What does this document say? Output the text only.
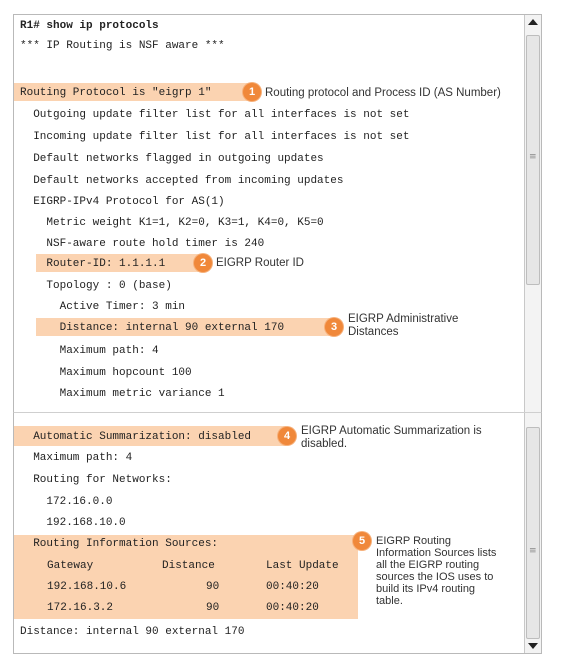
R1# show ip protocols
*** IP Routing is NSF aware ***
Routing Protocol is "eigrp 1"
Outgoing update filter list for all interfaces is not set
Incoming update filter list for all interfaces is not set
Default networks flagged in outgoing updates
Default networks accepted from incoming updates
EIGRP-IPv4 Protocol for AS(1)
Metric weight K1=1, K2=0, K3=1, K4=0, K5=0
NSF-aware route hold timer is 240
Router-ID: 1.1.1.1
Topology : 0 (base)
Active Timer: 3 min
Distance: internal 90 external 170
Maximum path: 4
Maximum hopcount 100
Maximum metric variance 1
1 Routing protocol and Process ID (AS Number)
2 EIGRP Router ID
3
EIGRP Administrative
Distances
≡
Automatic Summarization: disabled
Maximum path: 4
Routing for Networks:
172.16.0.0
192.168.10.0
Routing Information Sources:
Gateway	Distance	Last Update
192.168.10.6	90	00:40:20
172.16.3.2	90	00:40:20
Distance: internal 90 external 170
4 EIGRP Automatic Summarization is
disabled.
5 EIGRP Routing
Information Sources lists
all the EIGRP routing
sources the IOS uses to
build its IPv4 routing
table.
≡
